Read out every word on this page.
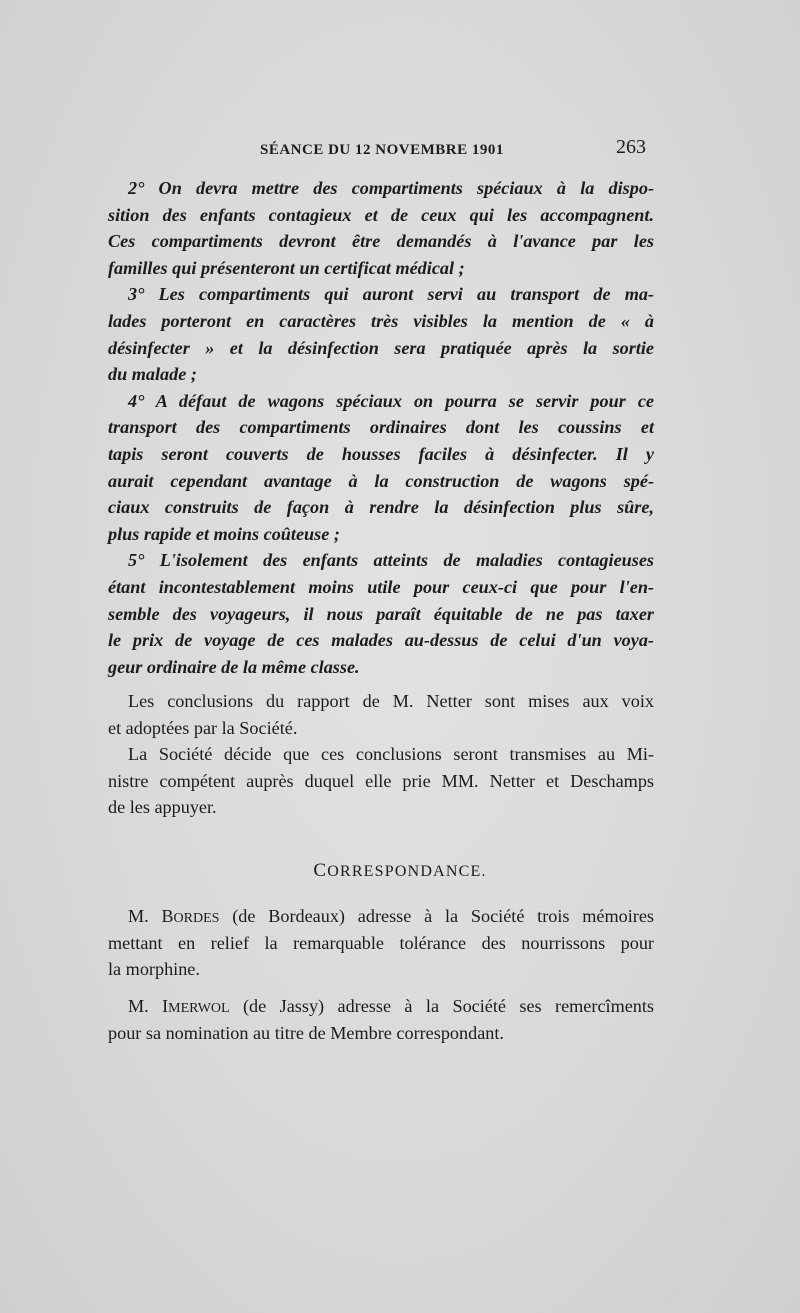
SÉANCE DU 12 NOVEMBRE 1901	263
2° On devra mettre des compartiments spéciaux à la dispo-
sition des enfants contagieux et de ceux qui les accompagnent.
Ces compartiments devront être demandés à l'avance par les
familles qui présenteront un certificat médical ;
3° Les compartiments qui auront servi au transport de ma-
lades porteront en caractères très visibles la mention de « à
désinfecter » et la désinfection sera pratiquée après la sortie
du malade ;
4° A défaut de wagons spéciaux on pourra se servir pour ce
transport des compartiments ordinaires dont les coussins et
tapis seront couverts de housses faciles à désinfecter. Il y
aurait cependant avantage à la construction de wagons spé-
ciaux construits de façon à rendre la désinfection plus sûre,
plus rapide et moins coûteuse ;
5° L'isolement des enfants atteints de maladies contagieuses
étant incontestablement moins utile pour ceux-ci que pour l'en-
semble des voyageurs, il nous paraît équitable de ne pas taxer
le prix de voyage de ces malades au-dessus de celui d'un voya-
geur ordinaire de la même classe.
Les conclusions du rapport de M. Netter sont mises aux voix
et adoptées par la Société.
La Société décide que ces conclusions seront transmises au Mi-
nistre compétent auprès duquel elle prie MM. Netter et Deschamps
de les appuyer.
CORRESPONDANCE.
M. BORDES (de Bordeaux) adresse à la Société trois mémoires
mettant en relief la remarquable tolérance des nourrissons pour
la morphine.
M. IMERWOL (de Jassy) adresse à la Société ses remercîments
pour sa nomination au titre de Membre correspondant.
